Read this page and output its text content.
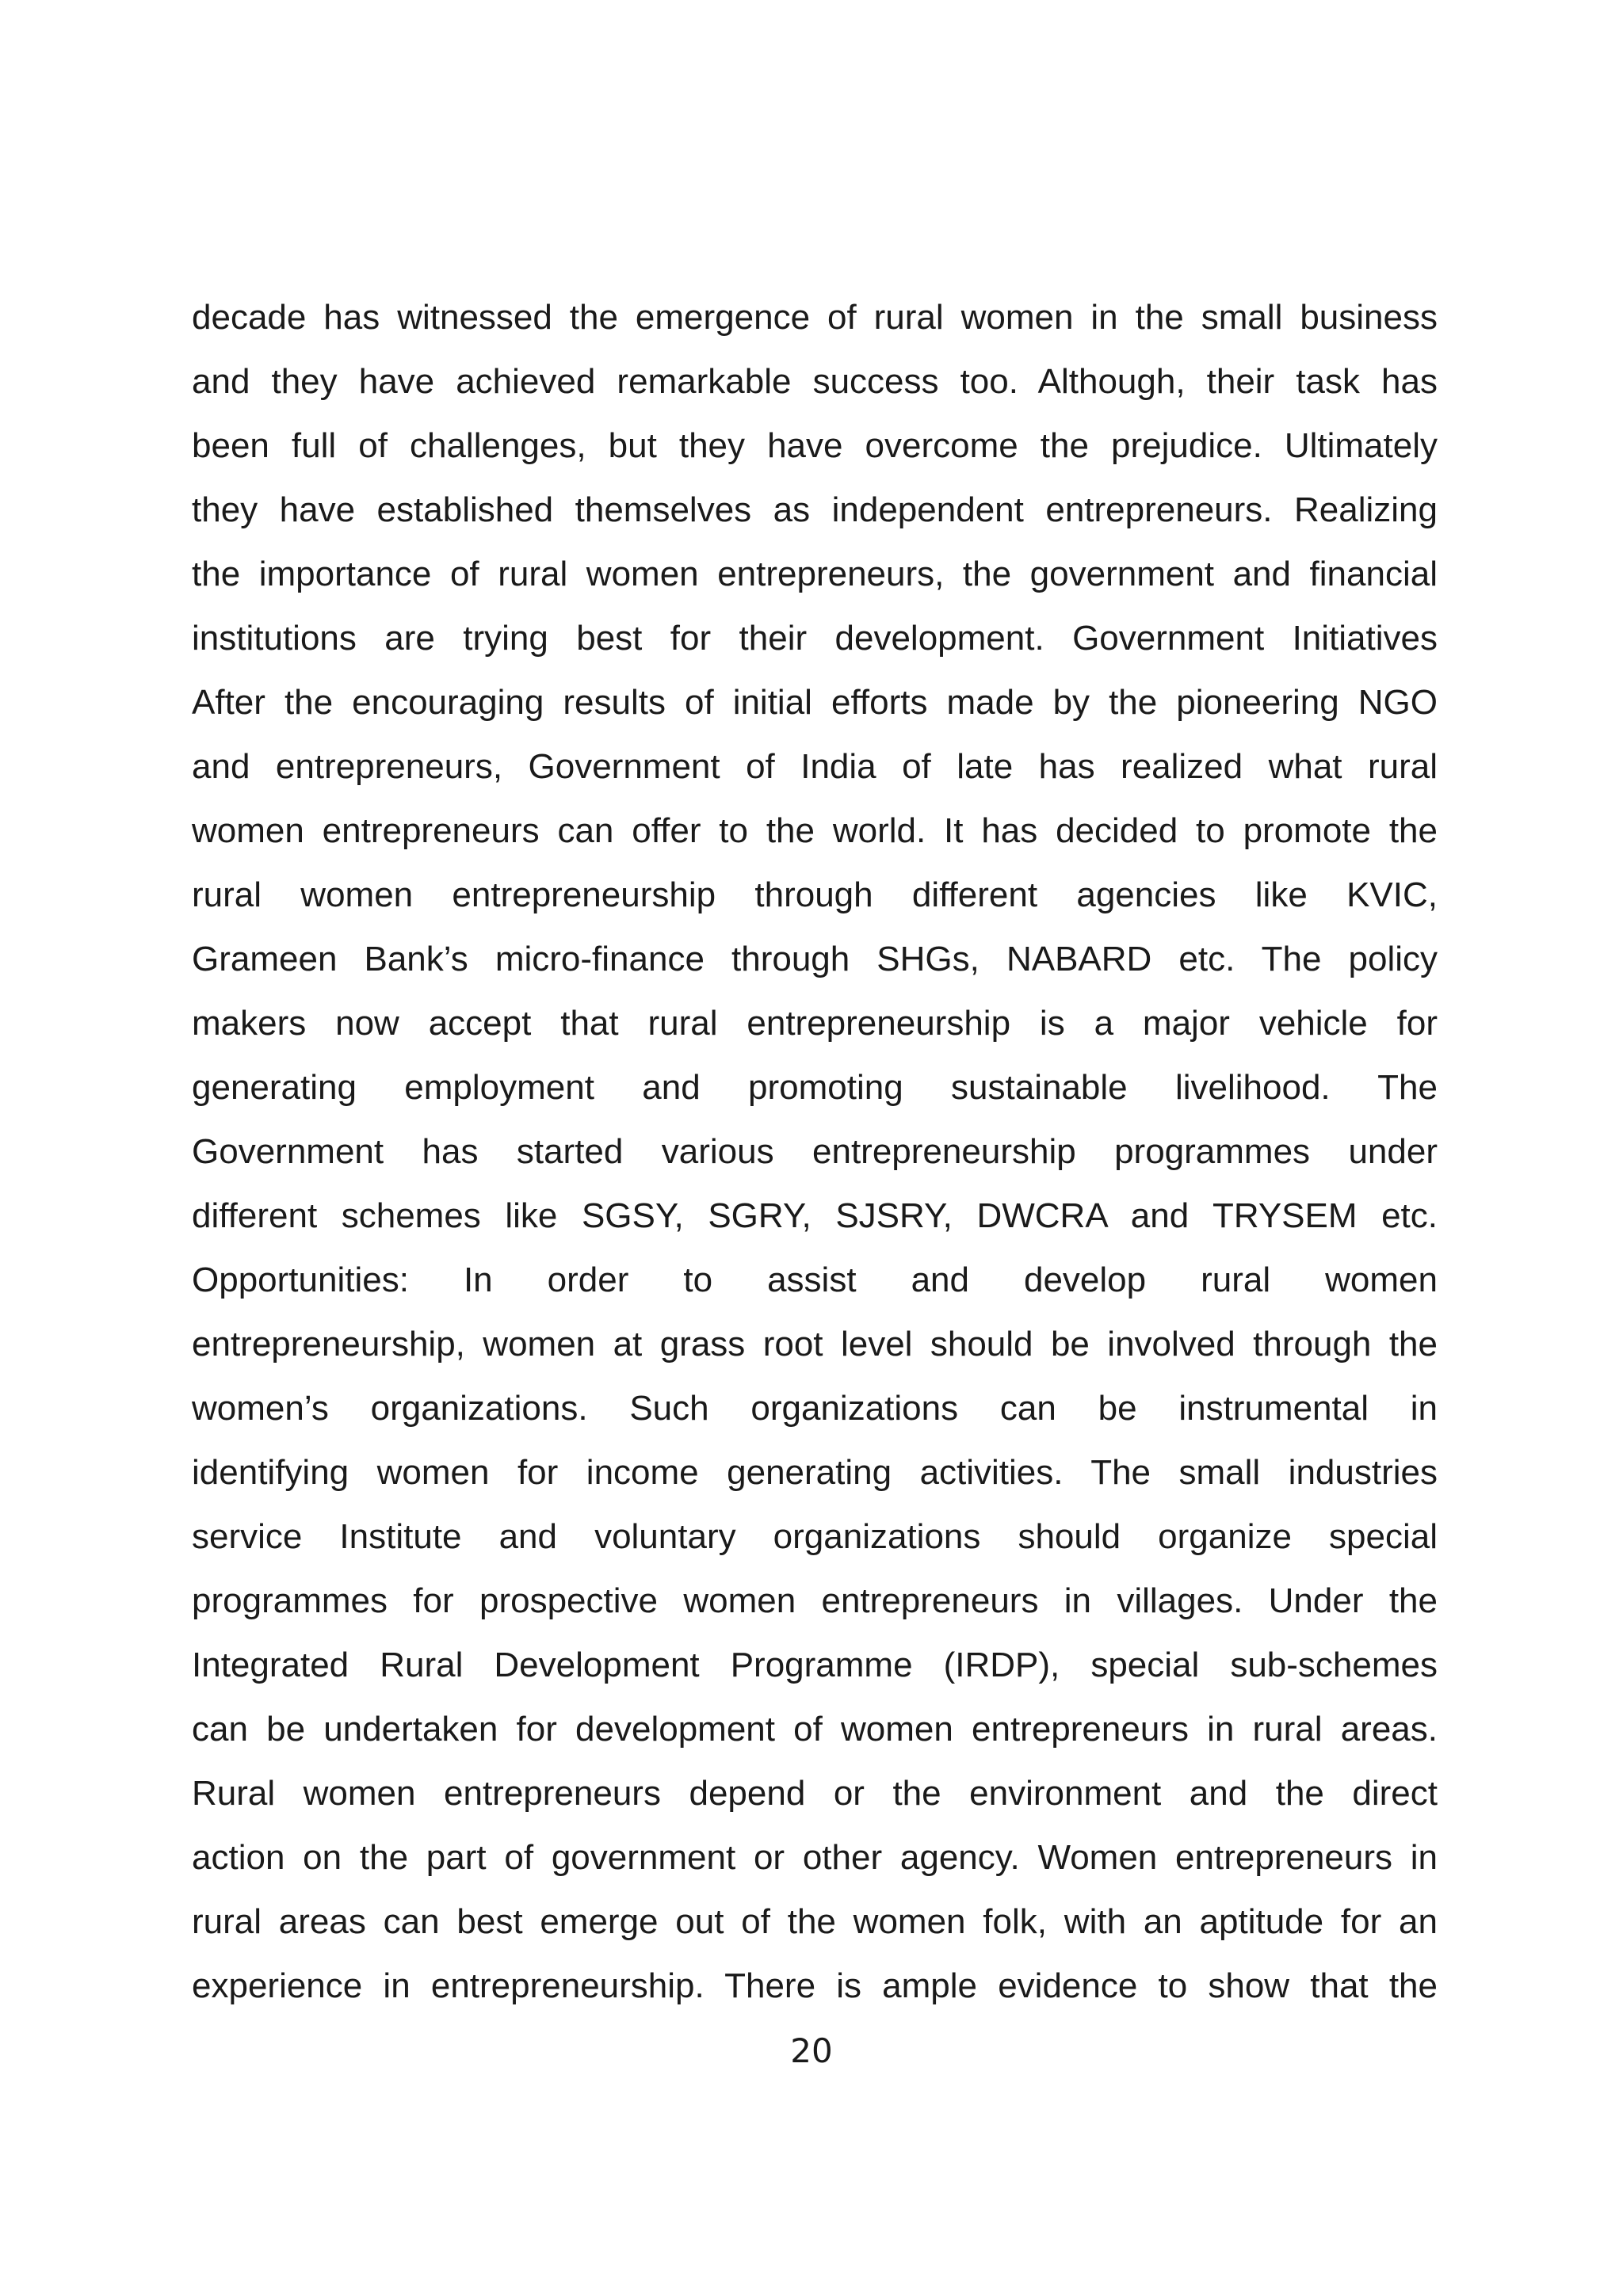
decade has witnessed the emergence of rural women in the small business
and they have achieved remarkable success too. Although, their task has
been full of challenges, but they have overcome the prejudice. Ultimately
they have established themselves as independent entrepreneurs. Realizing
the importance of rural women entrepreneurs, the government and financial
institutions are trying best for their development. Government Initiatives
After the encouraging results of initial efforts made by the pioneering NGO
and entrepreneurs, Government of India of late has realized what rural
women entrepreneurs can offer to the world. It has decided to promote the
rural women entrepreneurship through different agencies like KVIC,
Grameen Bank’s micro-finance through SHGs, NABARD etc. The policy
makers now accept that rural entrepreneurship is a major vehicle for
generating employment and promoting sustainable livelihood. The
Government has started various entrepreneurship programmes under
different schemes like SGSY, SGRY, SJSRY, DWCRA and TRYSEM etc.
Opportunities: In order to assist and develop rural women
entrepreneurship, women at grass root level should be involved through the
women’s organizations. Such organizations can be instrumental in
identifying women for income generating activities. The small industries
service Institute and voluntary organizations should organize special
programmes for prospective women entrepreneurs in villages. Under the
Integrated Rural Development Programme (IRDP), special sub-schemes
can be undertaken for development of women entrepreneurs in rural areas.
Rural women entrepreneurs depend or the environment and the direct
action on the part of government or other agency. Women entrepreneurs in
rural areas can best emerge out of the women folk, with an aptitude for an
experience in entrepreneurship. There is ample evidence to show that the
20
